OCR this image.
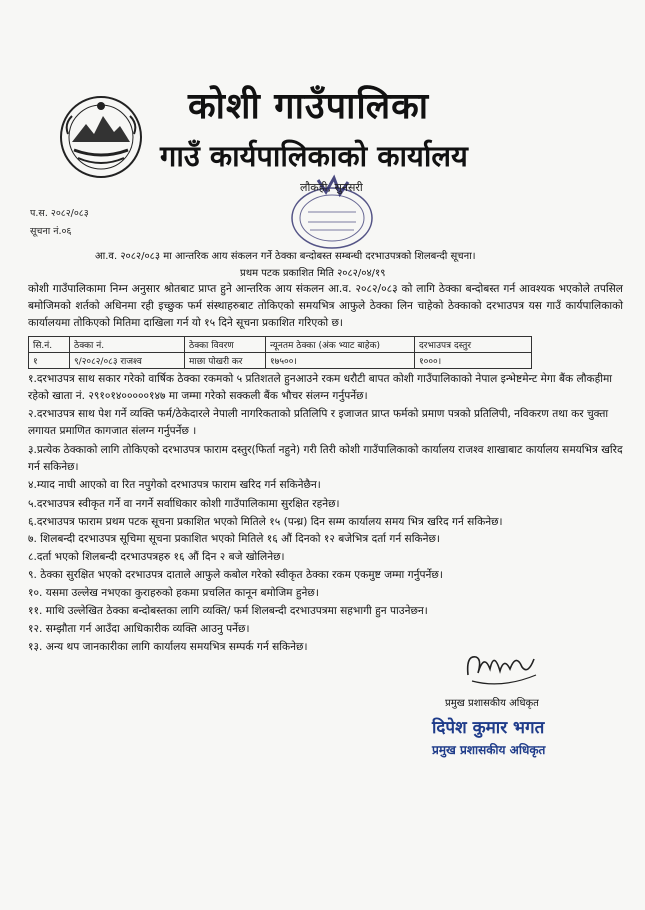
कोशी गाउँपालिका
गाउँ कार्यपालिकाको कार्यालय
लौकही, सुनसरी
प.स. २०८२/०८३
सूचना नं.०६
आ.व. २०८२/०८३ मा आन्तरिक आय संकलन गर्ने ठेक्का बन्दोबस्त सम्बन्धी दरभाउपत्रको शिलबन्दी सूचना।
प्रथम पटक प्रकाशित मिति २०८२/०४/१९
कोशी गाउँपालिकामा निम्न अनुसार श्रोतबाट प्राप्त हुने आन्तरिक आय संकलन आ.व. २०८२/०८३ को लागि ठेक्का बन्दोबस्त गर्न आवश्यक भएकोले तपसिल बमोजिमको शर्तको अधिनमा रही इच्छुक फर्म संस्थाहरुबाट तोकिएको समयभित्र आफुले ठेक्का लिन चाहेको ठेक्काको दरभाउपत्र यस गाउँ कार्यपालिकाको कार्यालयमा तोकिएको मितिमा दाखिला गर्न यो १५ दिने सूचना प्रकाशित गरिएको छ।
सि.नं.	ठेक्का नं.	ठेक्का विवरण	न्यूनतम ठेक्का (अंक भ्याट बाहेक)	दरभाउपत्र दस्तुर
१	९/२०८२/०८३ राजश्व	माछा पोखरी कर	१७५००।	१०००।
१.दरभाउपत्र साथ सकार गरेको वार्षिक ठेक्का रकमको ५ प्रतिशतले हुनआउने रकम धरौटी बापत कोशी गाउँपालिकाको नेपाल इन्भेष्टमेन्ट मेगा बैंक लौकहीमा रहेको खाता नं. २९१०१४०००००१४७ मा जम्मा गरेको सक्कली बैंक भौचर संलग्न गर्नुपर्नेछ।
२.दरभाउपत्र साथ पेश गर्ने व्यक्ति फर्म/ठेकेदारले नेपाली नागरिकताको प्रतिलिपि र इजाजत प्राप्त फर्मको प्रमाण पत्रको प्रतिलिपी, नविकरण तथा कर चुक्ता लगायत प्रमाणित कागजात संलग्न गर्नुपर्नेछ ।
३.प्रत्येक ठेक्काको लागि तोकिएको दरभाउपत्र फाराम दस्तुर(फिर्ता नहुने) गरी तिरी कोशी गाउँपालिकाको कार्यालय राजश्व शाखाबाट कार्यालय समयभित्र खरिद गर्न सकिनेछ।
४.म्याद नाघी आएको वा रित नपुगेको दरभाउपत्र फाराम खरिद गर्न सकिनेछैन।
५.दरभाउपत्र स्वीकृत गर्ने वा नगर्ने सर्वाधिकार कोशी गाउँपालिकामा सुरक्षित रहनेछ।
६.दरभाउपत्र फाराम प्रथम पटक सूचना प्रकाशित भएको मितिले १५ (पन्ध्र) दिन सम्म कार्यालय समय भित्र खरिद गर्न सकिनेछ।
७. शिलबन्दी दरभाउपत्र सूचिमा सूचना प्रकाशित भएको मितिले १६ औं दिनको १२ बजेभित्र दर्ता गर्न सकिनेछ।
८.दर्ता भएको शिलबन्दी दरभाउपत्रहरु १६ औं दिन २ बजे खोलिनेछ।
९. ठेक्का सुरक्षित भएको दरभाउपत्र दाताले आफुले कबोल गरेको स्वीकृत ठेक्का रकम एकमुष्ट जम्मा गर्नुपर्नेछ।
१०. यसमा उल्लेख नभएका कुराहरुको हकमा प्रचलित कानून बमोजिम हुनेछ।
११. माथि उल्लेखित ठेक्का बन्दोबस्तका लागि व्यक्ति/ फर्म शिलबन्दी दरभाउपत्रमा सहभागी हुन पाउनेछन।
१२. सम्झौता गर्न आउँदा आधिकारीक व्यक्ति आउनु पर्नेछ।
१३. अन्य थप जानकारीका लागि कार्यालय समयभित्र सम्पर्क गर्न सकिनेछ।
प्रमुख प्रशासकीय अधिकृत
दिपेश कुमार भगत
प्रमुख प्रशासकीय अधिकृत
